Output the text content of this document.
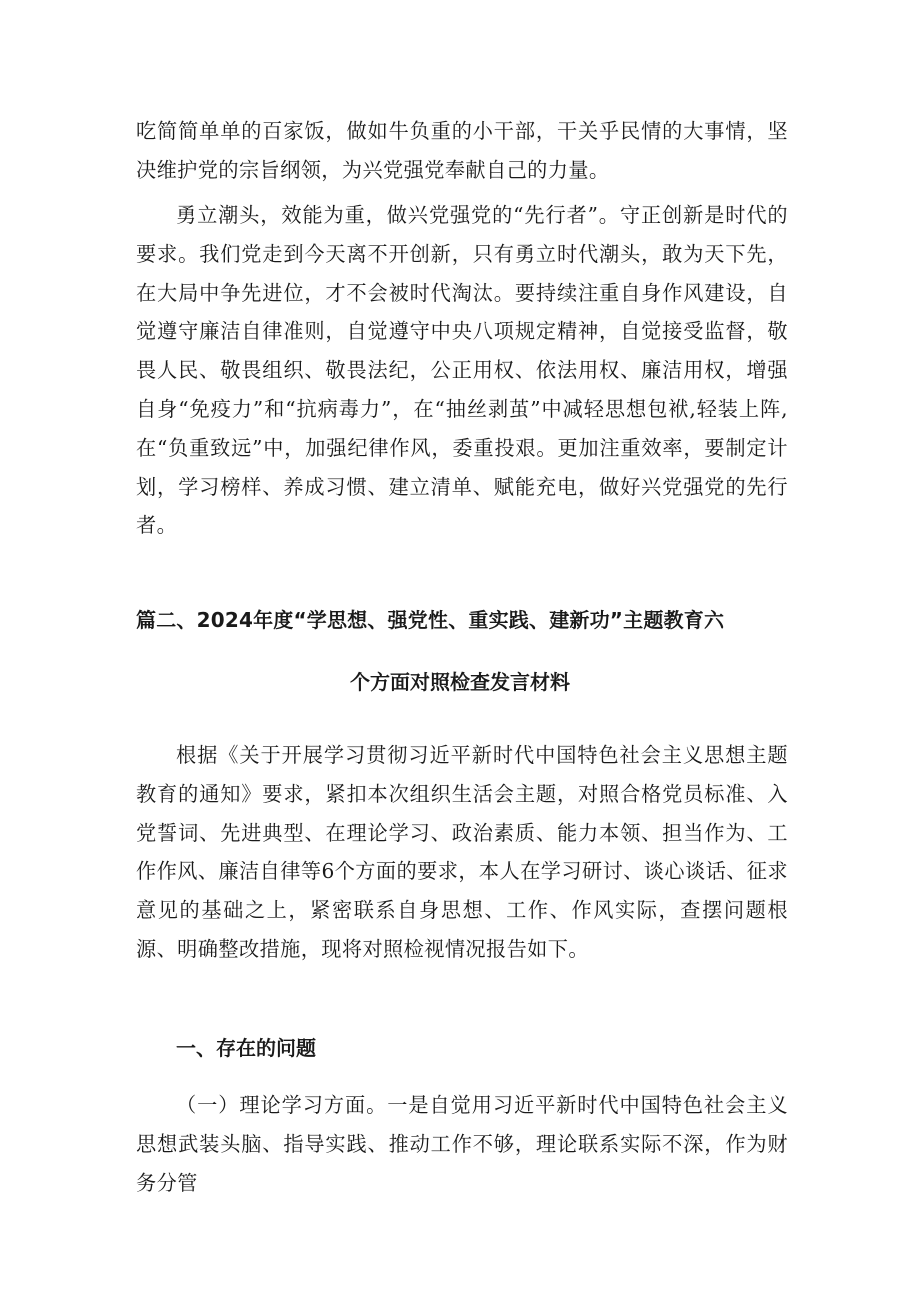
吃简简单单的百家饭，做如牛负重的小干部，干关乎民情的大事情，坚决维护党的宗旨纲领，为兴党强党奉献自己的力量。

勇立潮头，效能为重，做兴党强党的“先行者”。守正创新是时代的要求。我们党走到今天离不开创新，只有勇立时代潮头，敢为天下先，在大局中争先进位，才不会被时代淘汰。要持续注重自身作风建设，自觉遵守廉洁自律准则，自觉遵守中央八项规定精神，自觉接受监督，敬畏人民、敬畏组织、敬畏法纪，公正用权、依法用权、廉洁用权，增强自身“免疫力”和“抗病毒力”，在“抽丝剥茧”中减轻思想包袱,轻装上阵,在“负重致远”中，加强纪律作风，委重投艰。更加注重效率，要制定计划，学习榜样、养成习惯、建立清单、赋能充电，做好兴党强党的先行者。

篇二、2024年度“学思想、强党性、重实践、建新功”主题教育六
个方面对照检查发言材料

根据《关于开展学习贯彻习近平新时代中国特色社会主义思想主题教育的通知》要求，紧扣本次组织生活会主题，对照合格党员标准、入党誓词、先进典型、在理论学习、政治素质、能力本领、担当作为、工作作风、廉洁自律等6个方面的要求，本人在学习研讨、谈心谈话、征求意见的基础之上，紧密联系自身思想、工作、作风实际，查摆问题根源、明确整改措施，现将对照检视情况报告如下。

一、存在的问题

（一）理论学习方面。一是自觉用习近平新时代中国特色社会主义思想武装头脑、指导实践、推动工作不够，理论联系实际不深，作为财务分管
